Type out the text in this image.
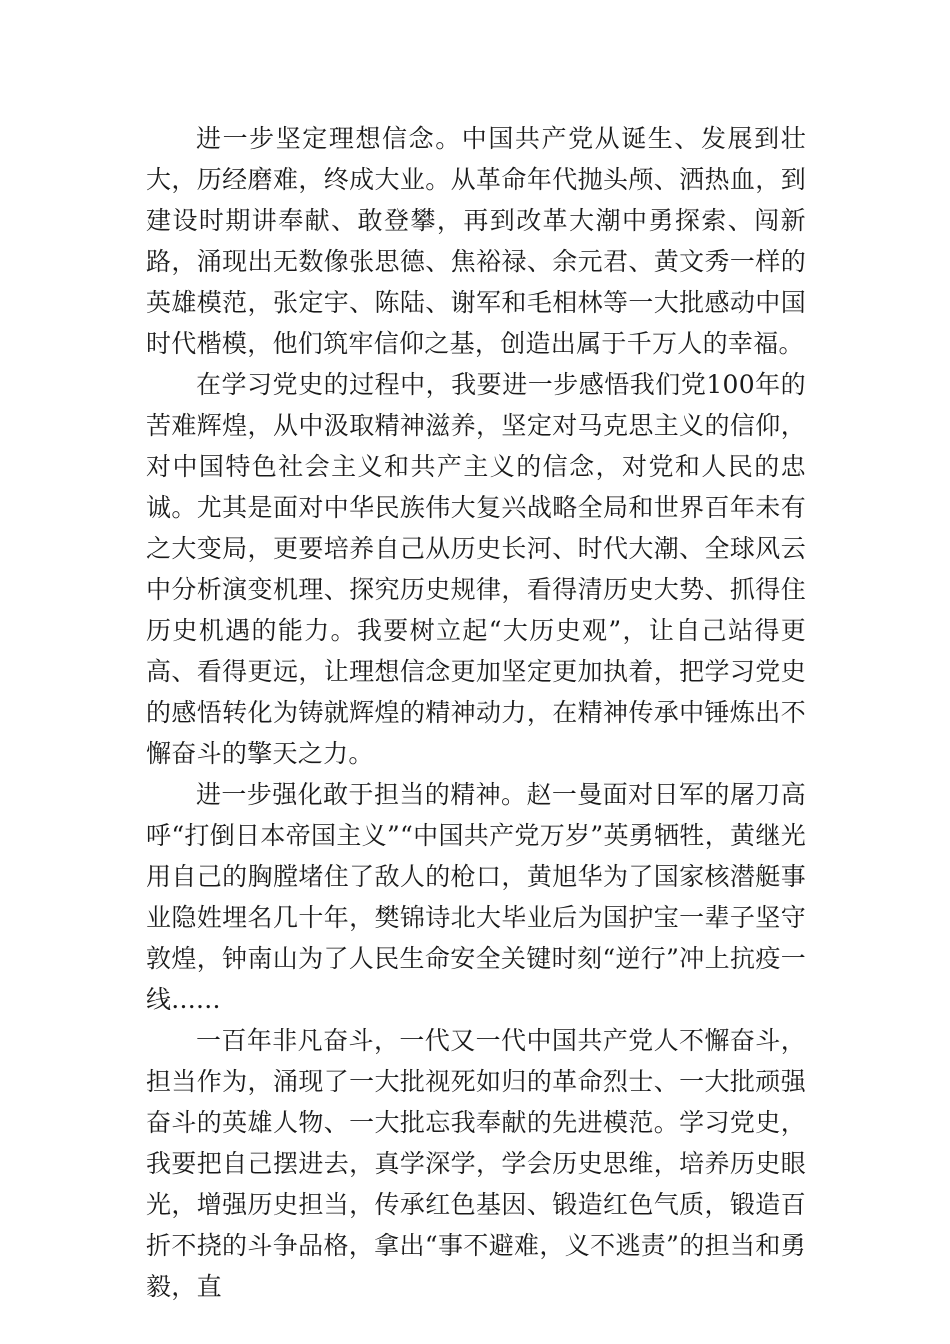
进一步坚定理想信念。中国共产党从诞生、发展到壮大，历经磨难，终成大业。从革命年代抛头颅、洒热血，到建设时期讲奉献、敢登攀，再到改革大潮中勇探索、闯新路，涌现出无数像张思德、焦裕禄、余元君、黄文秀一样的英雄模范，张定宇、陈陆、谢军和毛相林等一大批感动中国时代楷模，他们筑牢信仰之基，创造出属于千万人的幸福。

在学习党史的过程中，我要进一步感悟我们党100年的苦难辉煌，从中汲取精神滋养，坚定对马克思主义的信仰，对中国特色社会主义和共产主义的信念，对党和人民的忠诚。尤其是面对中华民族伟大复兴战略全局和世界百年未有之大变局，更要培养自己从历史长河、时代大潮、全球风云中分析演变机理、探究历史规律，看得清历史大势、抓得住历史机遇的能力。我要树立起“大历史观”，让自己站得更高、看得更远，让理想信念更加坚定更加执着，把学习党史的感悟转化为铸就辉煌的精神动力，在精神传承中锤炼出不懈奋斗的擎天之力。

进一步强化敢于担当的精神。赵一曼面对日军的屠刀高呼“打倒日本帝国主义”“中国共产党万岁”英勇牺牲，黄继光用自己的胸膛堵住了敌人的枪口，黄旭华为了国家核潜艇事业隐姓埋名几十年，樊锦诗北大毕业后为国护宝一辈子坚守敦煌，钟南山为了人民生命安全关键时刻“逆行”冲上抗疫一线......

一百年非凡奋斗，一代又一代中国共产党人不懈奋斗，担当作为，涌现了一大批视死如归的革命烈士、一大批顽强奋斗的英雄人物、一大批忘我奉献的先进模范。学习党史，我要把自己摆进去，真学深学，学会历史思维，培养历史眼光，增强历史担当，传承红色基因、锻造红色气质，锻造百折不挠的斗争品格，拿出“事不避难，义不逃责”的担当和勇毅，直
